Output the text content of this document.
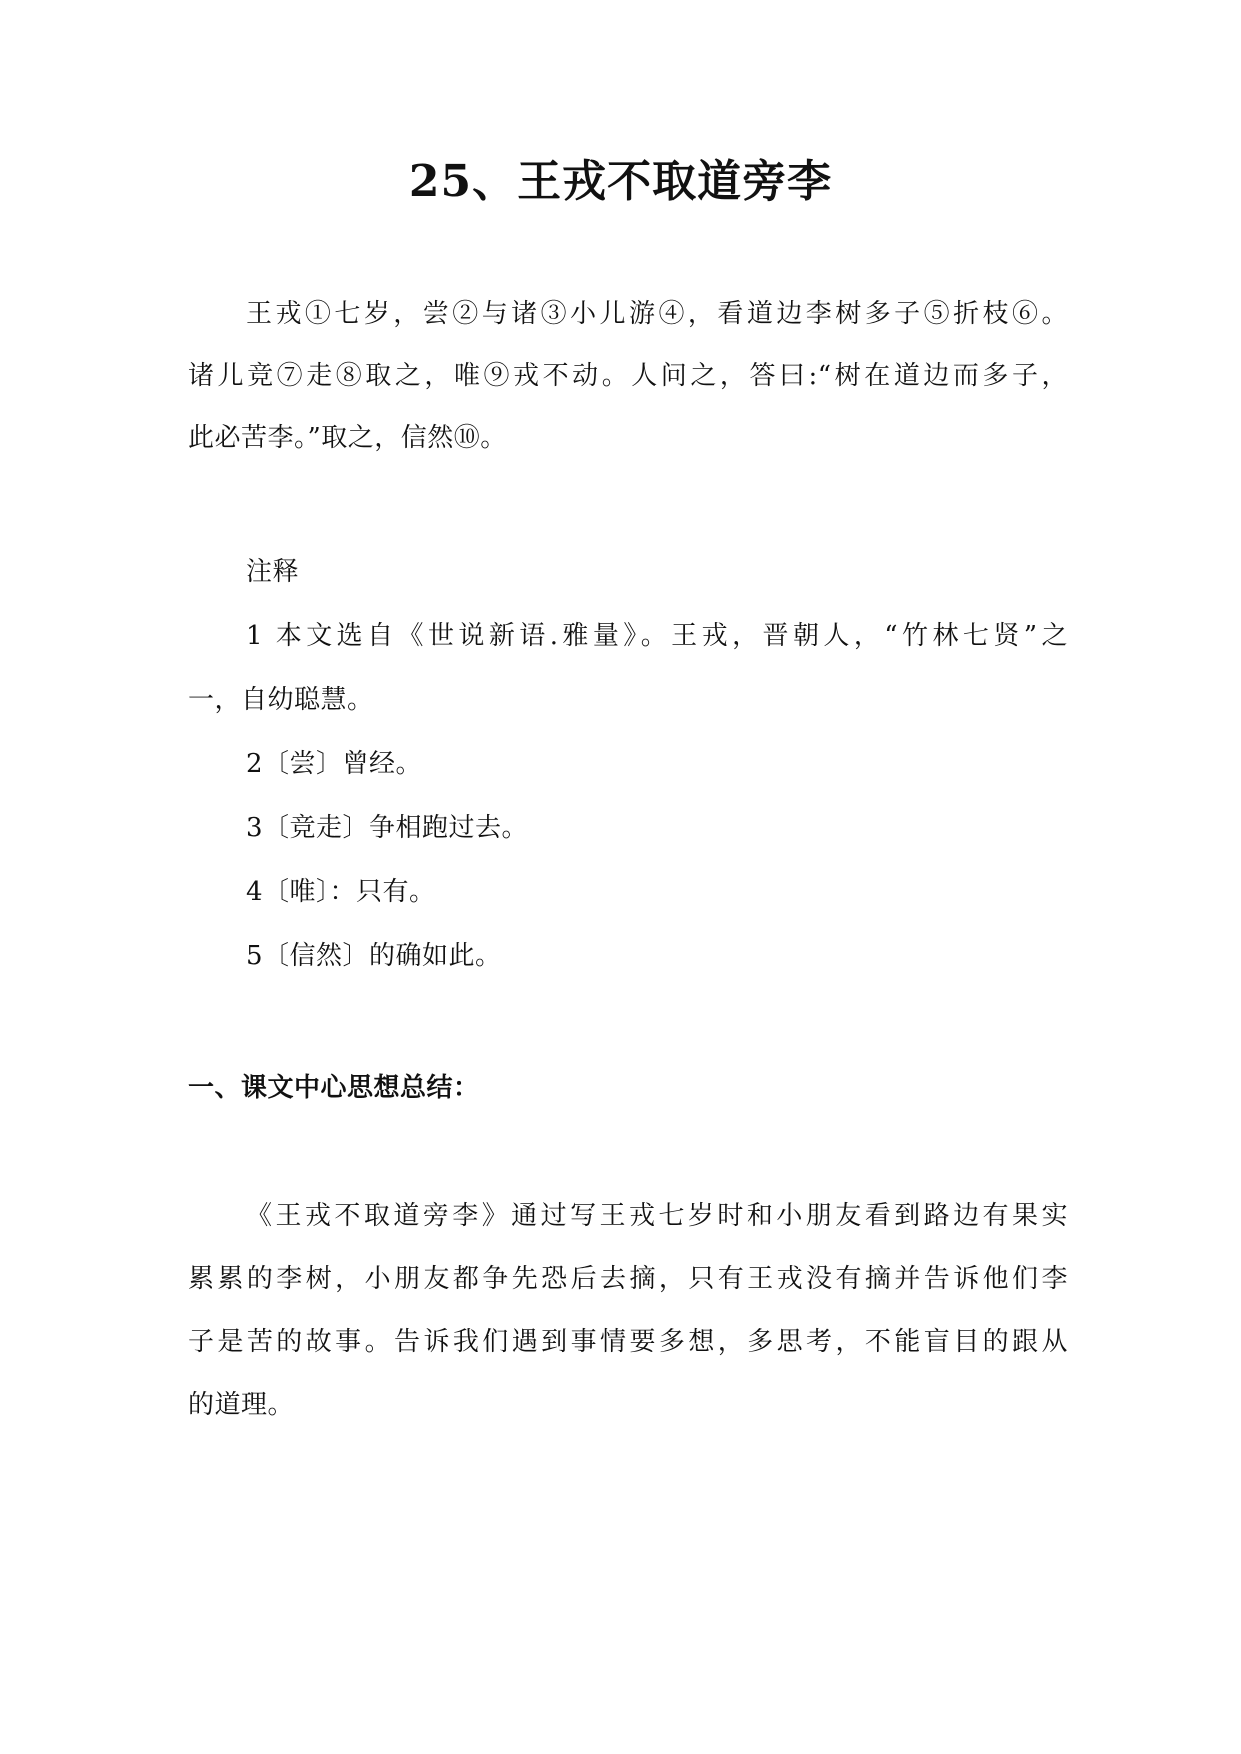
25、王戎不取道旁李
王戎①七岁，尝②与诸③小儿游④，看道边李树多子⑤折枝⑥。
诸儿竞⑦走⑧取之，唯⑨戎不动。人问之，答曰:“树在道边而多子，
此必苦李。”取之，信然⑩。
注释
1 本文选自《世说新语.雅量》。王戎，晋朝人，“竹林七贤”之
一，自幼聪慧。
2〔尝〕曾经。
3〔竞走〕争相跑过去。
4〔唯〕：只有。
5〔信然〕的确如此。
一、课文中心思想总结：
《王戎不取道旁李》通过写王戎七岁时和小朋友看到路边有果实
累累的李树，小朋友都争先恐后去摘，只有王戎没有摘并告诉他们李
子是苦的故事。告诉我们遇到事情要多想，多思考，不能盲目的跟从
的道理。
